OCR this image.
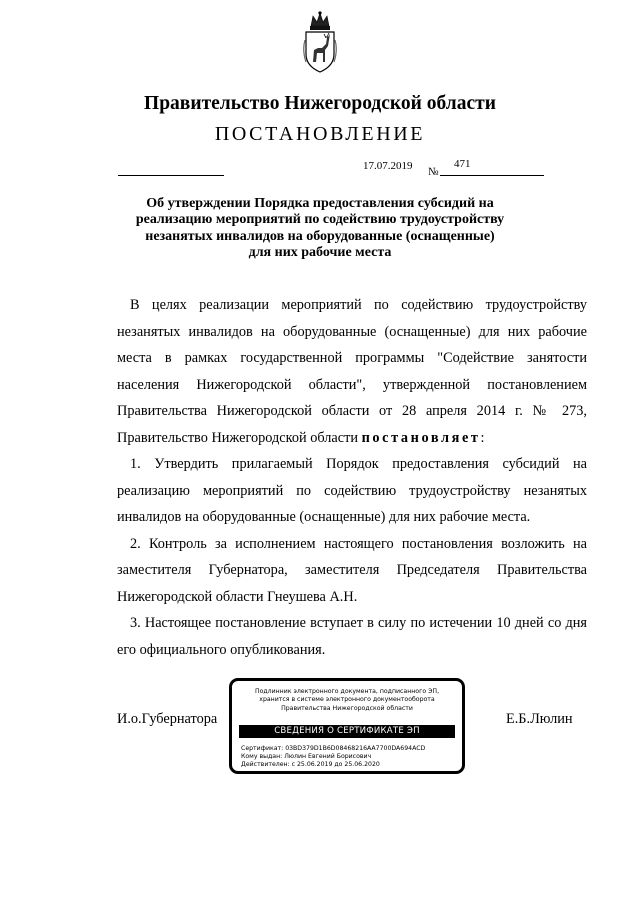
Правительство Нижегородской области
ПОСТАНОВЛЕНИЕ
17.07.2019 №
471
Об утверждении Порядка предоставления субсидий на
реализацию мероприятий по содействию трудоустройству
незанятых инвалидов на оборудованные (оснащенные)
для них рабочие места

В целях реализации мероприятий по содействию трудоустройству незанятых инвалидов на оборудованные (оснащенные) для них рабочие места в рамках государственной программы "Содействие занятости населения Нижегородской области", утвержденной постановлением Правительства Нижегородской области от 28 апреля 2014 г. № 273, Правительство Нижегородской области постановляет:

1. Утвердить прилагаемый Порядок предоставления субсидий на реализацию мероприятий по содействию трудоустройству незанятых инвалидов на оборудованные (оснащенные) для них рабочие места.

2. Контроль за исполнением настоящего постановления возложить на заместителя Губернатора, заместителя Председателя Правительства Нижегородской области Гнеушева А.Н.

3. Настоящее постановление вступает в силу по истечении 10 дней со дня его официального опубликования.

И.о.Губернатора	Е.Б.Люлин
Подлинник электронного документа, подписанного ЭП,
хранится в системе электронного документооборота
Правительства Нижегородской области
СВЕДЕНИЯ О СЕРТИФИКАТЕ ЭП
Сертификат: 03BD379D1B6D08468216AA7700DA694ACD
Кому выдан: Люлин Евгений Борисович
Действителен: с 25.06.2019 до 25.06.2020
